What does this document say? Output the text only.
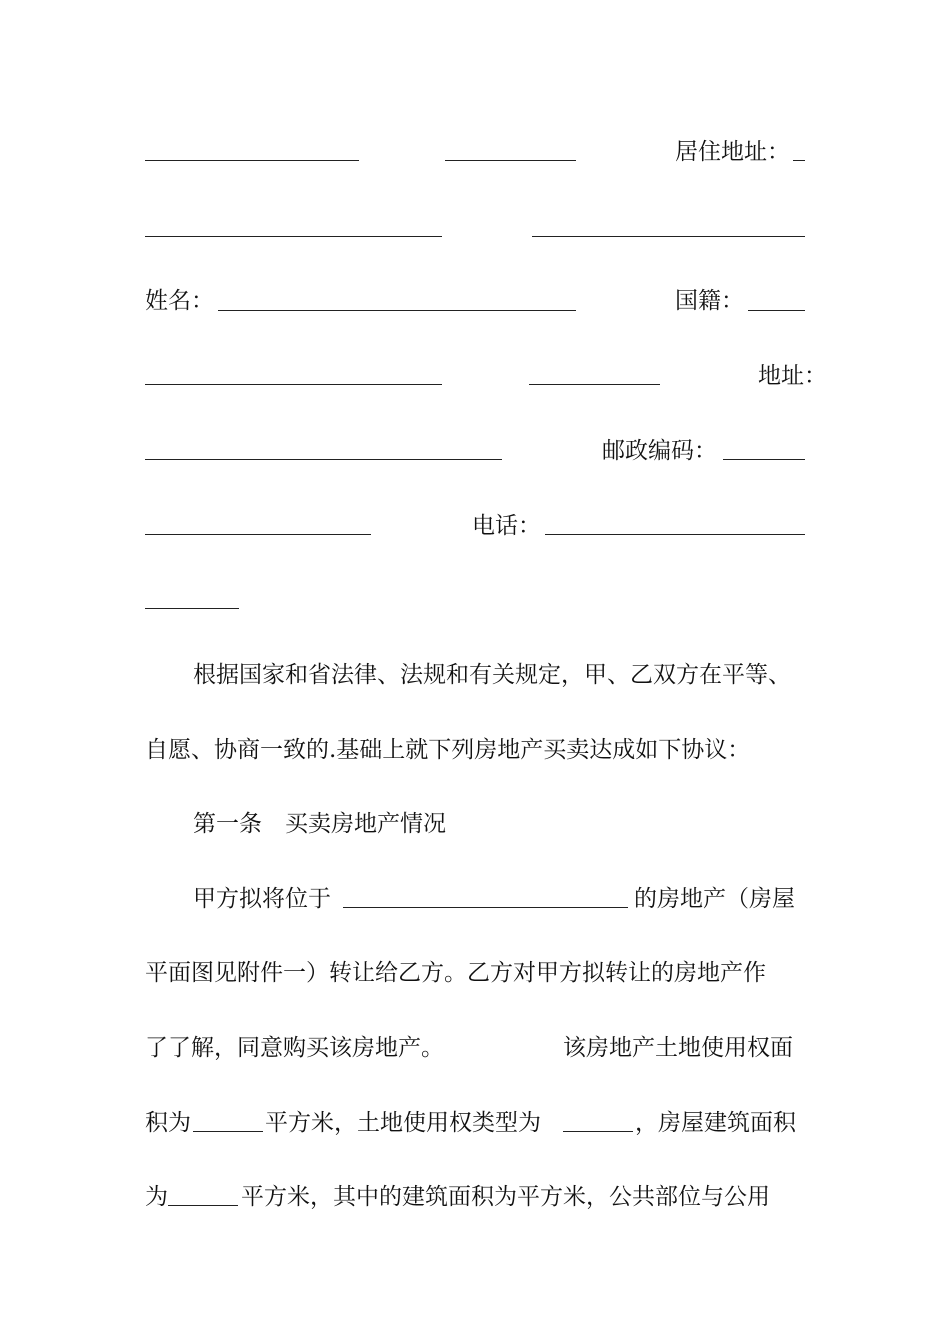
居住地址：
姓名：	国籍：
地址：
邮政编码：
电话：
根据国家和省法律、法规和有关规定，甲、乙双方在平等、
自愿、协商一致的.基础上就下列房地产买卖达成如下协议：
第一条　买卖房地产情况
甲方拟将位于	的房地产（房屋
平面图见附件一）转让给乙方。乙方对甲方拟转让的房地产作
了了解，同意购买该房地产。	该房地产土地使用权面
积为	平方米，土地使用权类型为	，房屋建筑面积
为	平方米，其中的建筑面积为平方米，公共部位与公用
